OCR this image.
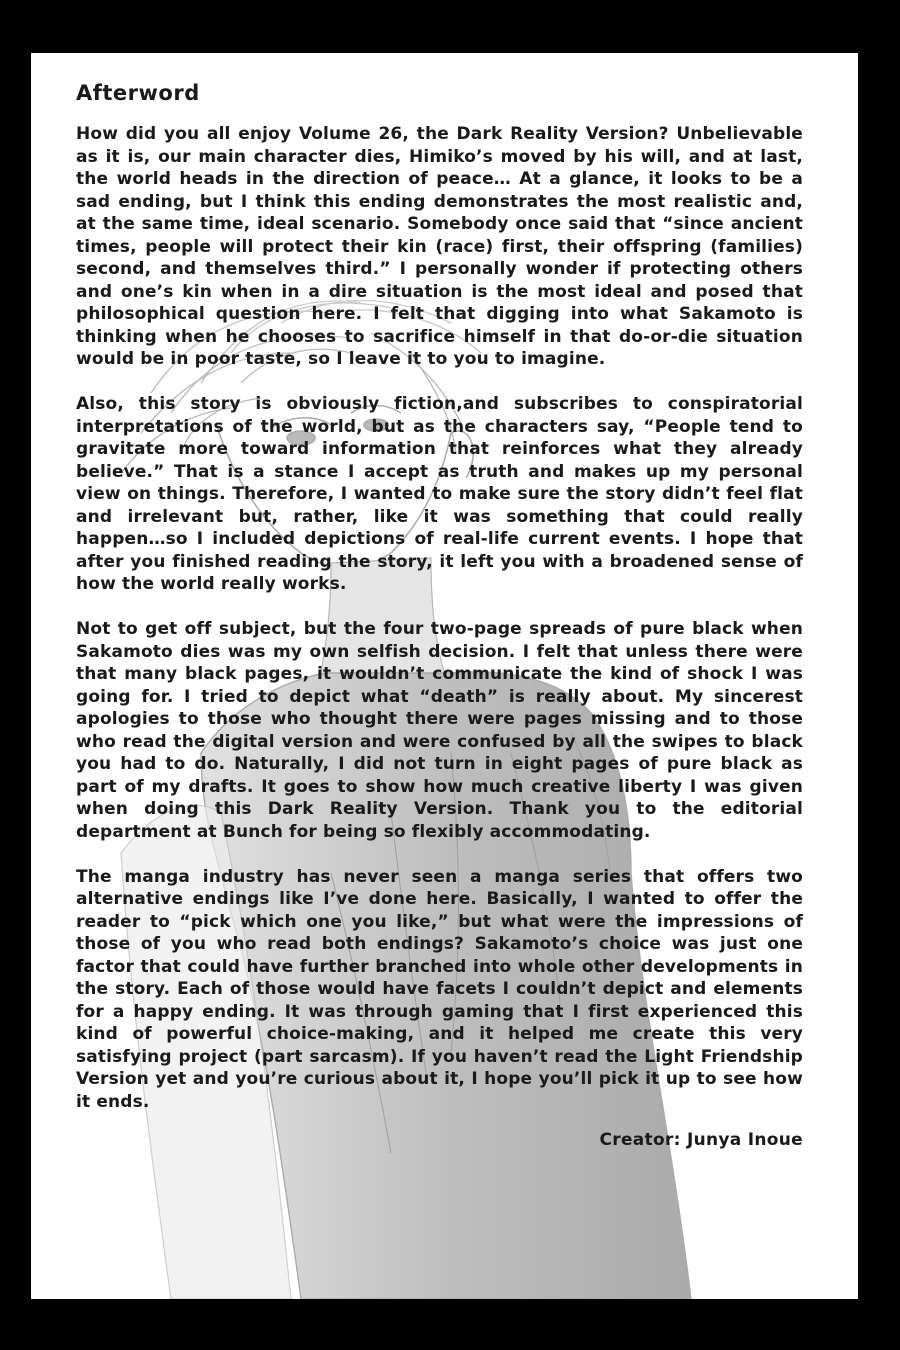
Afterword

How did you all enjoy Volume 26, the Dark Reality Version? Unbelievable as it is, our main character dies, Himiko’s moved by his will, and at last, the world heads in the direction of peace… At a glance, it looks to be a sad ending, but I think this ending demonstrates the most realistic and, at the same time, ideal scenario. Somebody once said that “since ancient times, people will protect their kin (race) first, their offspring (families) second, and themselves third.” I personally wonder if protecting others and one’s kin when in a dire situation is the most ideal and posed that philosophical question here. I felt that digging into what Sakamoto is thinking when he chooses to sacrifice himself in that do-or-die situation would be in poor taste, so I leave it to you to imagine.

Also, this story is obviously fiction,and subscribes to conspiratorial interpretations of the world, but as the characters say, “People tend to gravitate more toward information that reinforces what they already believe.” That is a stance I accept as truth and makes up my personal view on things. Therefore, I wanted to make sure the story didn’t feel flat and irrelevant but, rather, like it was something that could really happen…so I included depictions of real-life current events. I hope that after you finished reading the story, it left you with a broadened sense of how the world really works.

Not to get off subject, but the four two-page spreads of pure black when Sakamoto dies was my own selfish decision. I felt that unless there were that many black pages, it wouldn’t communicate the kind of shock I was going for. I tried to depict what “death” is really about. My sincerest apologies to those who thought there were pages missing and to those who read the digital version and were confused by all the swipes to black you had to do. Naturally, I did not turn in eight pages of pure black as part of my drafts. It goes to show how much creative liberty I was given when doing this Dark Reality Version. Thank you to the editorial department at Bunch for being so flexibly accommodating.

The manga industry has never seen a manga series that offers two alternative endings like I’ve done here. Basically, I wanted to offer the reader to “pick which one you like,” but what were the impressions of those of you who read both endings? Sakamoto’s choice was just one factor that could have further branched into whole other developments in the story. Each of those would have facets I couldn’t depict and elements for a happy ending. It was through gaming that I first experienced this kind of powerful choice-making, and it helped me create this very satisfying project (part sarcasm). If you haven’t read the Light Friendship Version yet and you’re curious about it, I hope you’ll pick it up to see how it ends.

Creator: Junya Inoue
